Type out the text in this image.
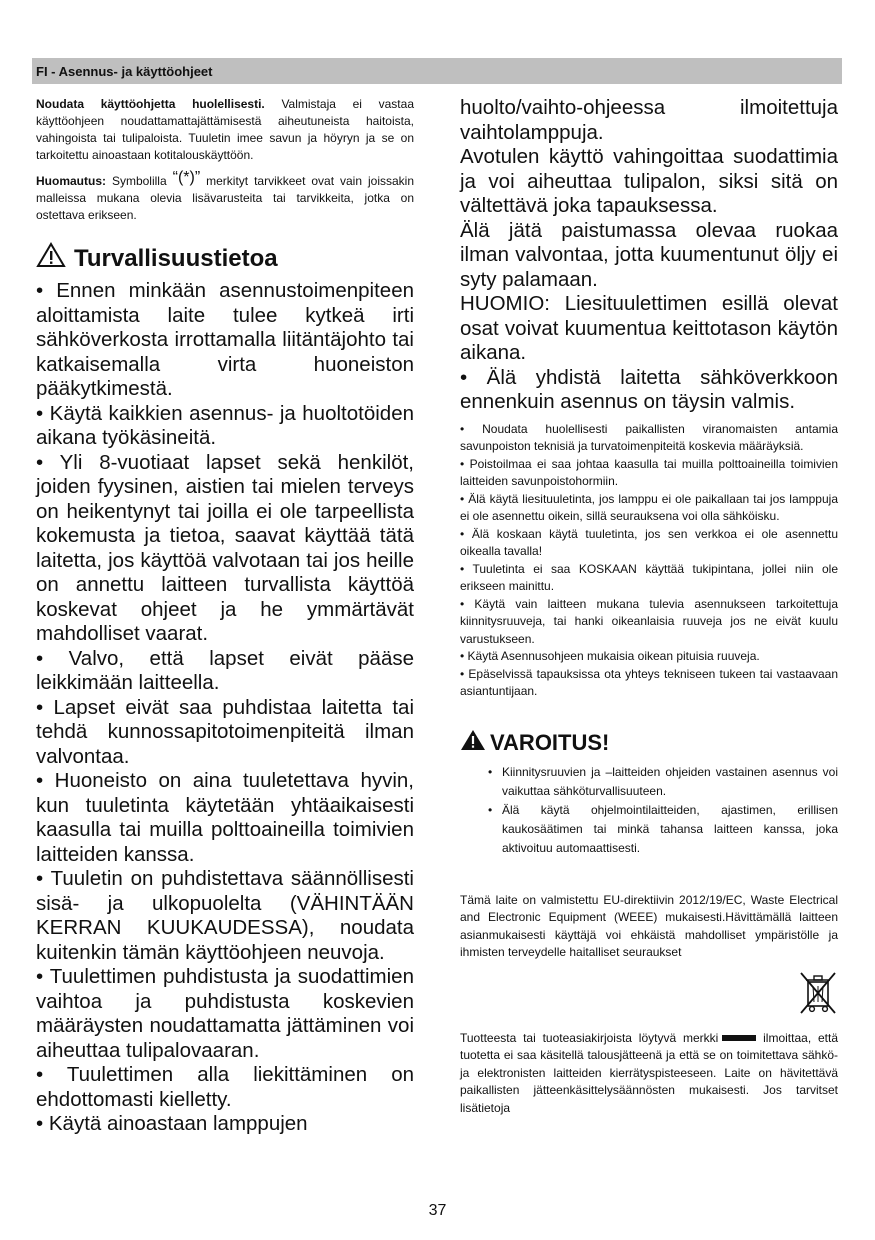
FI - Asennus- ja käyttöohjeet

Noudata käyttöohjetta huolellisesti. Valmistaja ei vastaa käyttöohjeen noudattamattajättämisestä aiheutuneista haitoista, vahingoista tai tulipaloista. Tuuletin imee savun ja höyryn ja se on tarkoitettu ainoastaan kotitalouskäyttöön.

Huomautus: Symbolilla “(*)” merkityt tarvikkeet ovat vain joissakin malleissa mukana olevia lisävarusteita tai tarvikkeita, jotka on ostettava erikseen.

Turvallisuustietoa

• Ennen minkään asennustoimenpiteen aloittamista laite tulee kytkeä irti sähköverkosta irrottamalla liitäntäjohto tai katkaisemalla virta huoneiston pääkytkimestä.

• Käytä kaikkien asennus- ja huoltotöiden aikana työkäsineitä.

• Yli 8-vuotiaat lapset sekä henkilöt, joiden fyysinen, aistien tai mielen terveys on heikentynyt tai joilla ei ole tarpeellista kokemusta ja tietoa, saavat käyttää tätä laitetta, jos käyttöä valvotaan tai jos heille on annettu laitteen turvallista käyttöä koskevat ohjeet ja he ymmärtävät mahdolliset vaarat.

• Valvo, että lapset eivät pääse leikkimään laitteella.

• Lapset eivät saa puhdistaa laitetta tai tehdä kunnossapitotoimenpiteitä ilman valvontaa.

• Huoneisto on aina tuuletettava hyvin, kun tuuletinta käytetään yhtäaikaisesti kaasulla tai muilla polttoaineilla toimivien laitteiden kanssa.

• Tuuletin on puhdistettava säännöllisesti sisä- ja ulkopuolelta (VÄHINTÄÄN KERRAN KUUKAUDESSA), noudata kuitenkin tämän käyttöohjeen neuvoja.

• Tuulettimen puhdistusta ja suodattimien vaihtoa ja puhdistusta koskevien määräysten noudattamatta jättäminen voi aiheuttaa tulipalovaaran.

• Tuulettimen alla liekittäminen on ehdottomasti kielletty.

• Käytä ainoastaan lamppujen

huolto/vaihto-ohjeessa ilmoitettuja vaihtolamppuja.

Avotulen käyttö vahingoittaa suodattimia ja voi aiheuttaa tulipalon, siksi sitä on vältettävä joka tapauksessa.

Älä jätä paistumassa olevaa ruokaa ilman valvontaa, jotta kuumentunut öljy ei syty palamaan.

HUOMIO: Liesituulettimen esillä olevat osat voivat kuumentua keittotason käytön aikana.

• Älä yhdistä laitetta sähköverkkoon ennenkuin asennus on täysin valmis.

• Noudata huolellisesti paikallisten viranomaisten antamia savunpoiston teknisiä ja turvatoimenpiteitä koskevia määräyksiä.

• Poistoilmaa ei saa johtaa kaasulla tai muilla polttoaineilla toimivien laitteiden savunpoistohormiin.

• Älä käytä liesituuletinta, jos lamppu ei ole paikallaan tai jos lamppuja ei ole asennettu oikein, sillä seurauksena voi olla sähköisku.

• Älä koskaan käytä tuuletinta, jos sen verkkoa ei ole asennettu oikealla tavalla!

• Tuuletinta ei saa KOSKAAN käyttää tukipintana, jollei niin ole erikseen mainittu.

• Käytä vain laitteen mukana tulevia asennukseen tarkoitettuja kiinnitysruuveja, tai hanki oikeanlaisia ruuveja jos ne eivät kuulu varustukseen.

• Käytä Asennusohjeen mukaisia oikean pituisia ruuveja.

• Epäselvissä tapauksissa ota yhteys tekniseen tukeen tai vastaavaan asiantuntijaan.

VAROITUS!
• Kiinnitysruuvien ja –laitteiden ohjeiden vastainen asennus voi vaikuttaa sähköturvallisuuteen.
• Älä käytä ohjelmointilaitteiden, ajastimen, erillisen kaukosäätimen tai minkä tahansa laitteen kanssa, joka aktivoituu automaattisesti.

Tämä laite on valmistettu EU-direktiivin 2012/19/EC, Waste Electrical and Electronic Equipment (WEEE) mukaisesti.Hävittämällä laitteen asianmukaisesti käyttäjä voi ehkäistä mahdolliset ympäristölle ja ihmisten terveydelle haitalliset seuraukset

Tuotteesta tai tuoteasiakirjoista löytyvä merkki	ilmoittaa, että tuotetta ei saa käsitellä talousjätteenä ja että se on toimitettava sähkö- ja elektronisten laitteiden kierrätyspisteeseen. Laite on hävitettävä paikallisten jätteenkäsittelysäännösten mukaisesti. Jos tarvitset lisätietoja

37
